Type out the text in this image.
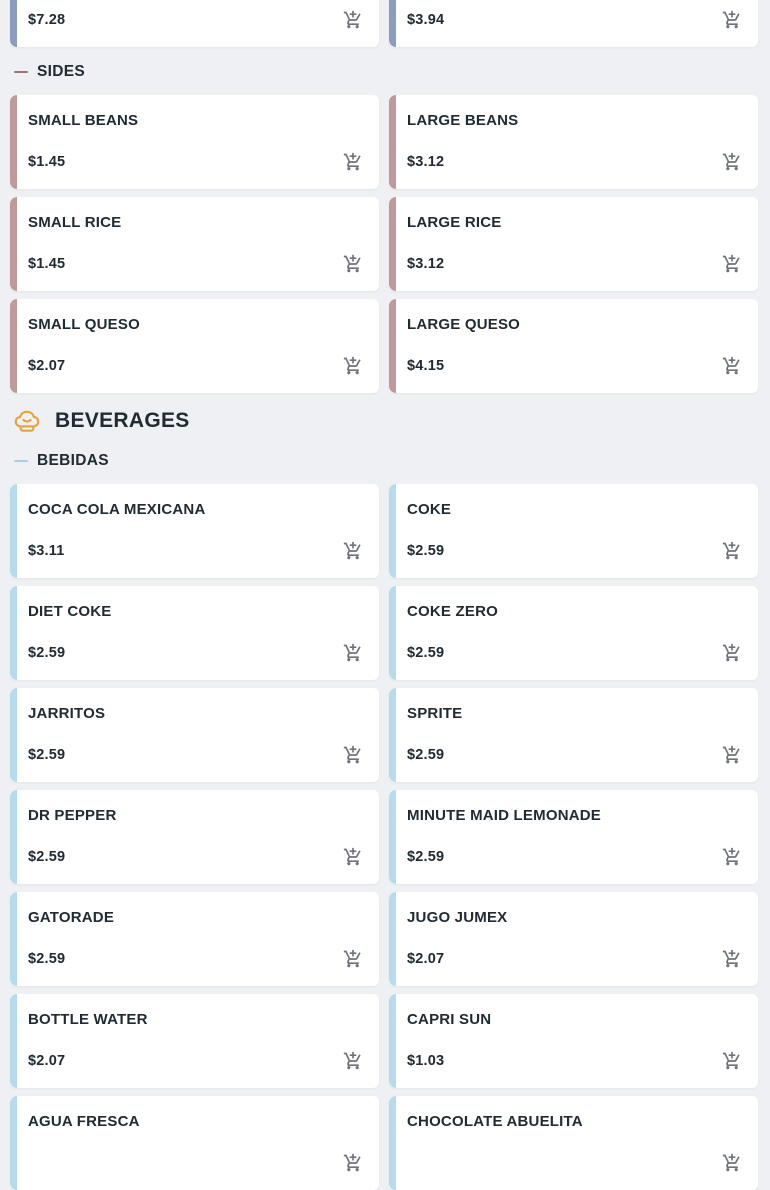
$7.28	$3.94
SIDES
SMALL BEANS
$1.45
LARGE BEANS
$3.12
SMALL RICE
$1.45
LARGE RICE
$3.12
SMALL QUESO
$2.07
LARGE QUESO
$4.15
BEVERAGES
BEBIDAS
COCA COLA MEXICANA
$3.11
COKE
$2.59
DIET COKE
$2.59
COKE ZERO
$2.59
JARRITOS
$2.59
SPRITE
$2.59
DR PEPPER
$2.59
MINUTE MAID LEMONADE
$2.59
GATORADE
$2.59
JUGO JUMEX
$2.07
BOTTLE WATER
$2.07
CAPRI SUN
$1.03
AGUA FRESCA	CHOCOLATE ABUELITA
